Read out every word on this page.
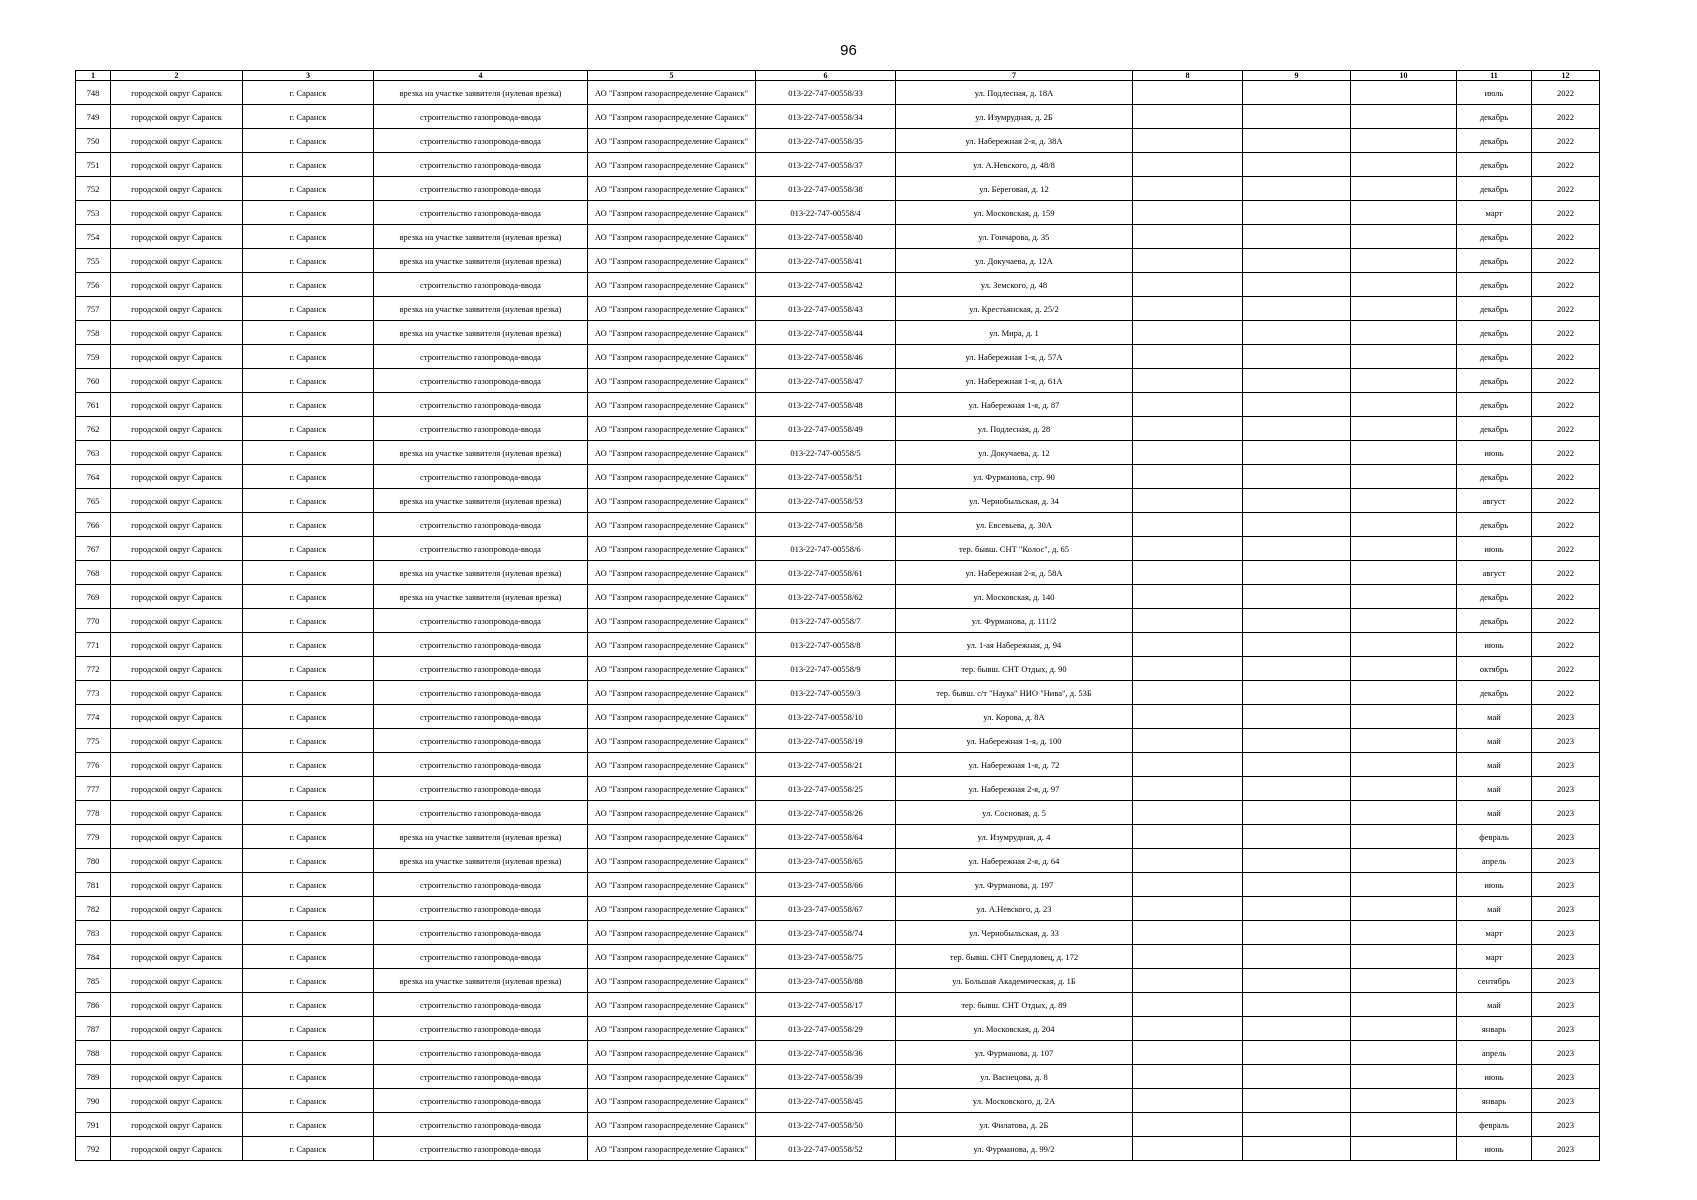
96
1	2	3	4	5	6	7	8	9	10	11	12
748	городской округ Саранск	г. Саранск	врезка на участке заявителя (нулевая врезка)	АО "Газпром газораспределение Саранск"	013-22-747-00558/33	ул. Подлесная, д. 18А				июль	2022
749	городской округ Саранск	г. Саранск	строительство газопровода-ввода	АО "Газпром газораспределение Саранск"	013-22-747-00558/34	ул. Изумрудная, д. 2Б				декабрь	2022
750	городской округ Саранск	г. Саранск	строительство газопровода-ввода	АО "Газпром газораспределение Саранск"	013-22-747-00558/35	ул. Набережная 2-я, д. 38А				декабрь	2022
751	городской округ Саранск	г. Саранск	строительство газопровода-ввода	АО "Газпром газораспределение Саранск"	013-22-747-00558/37	ул. А.Невского, д. 48/8				декабрь	2022
752	городской округ Саранск	г. Саранск	строительство газопровода-ввода	АО "Газпром газораспределение Саранск"	013-22-747-00558/38	ул. Береговая, д. 12				декабрь	2022
753	городской округ Саранск	г. Саранск	строительство газопровода-ввода	АО "Газпром газораспределение Саранск"	013-22-747-00558/4	ул. Московская, д. 159				март	2022
754	городской округ Саранск	г. Саранск	врезка на участке заявителя (нулевая врезка)	АО "Газпром газораспределение Саранск"	013-22-747-00558/40	ул. Гончарова, д. 35				декабрь	2022
755	городской округ Саранск	г. Саранск	врезка на участке заявителя (нулевая врезка)	АО "Газпром газораспределение Саранск"	013-22-747-00558/41	ул. Докучаева, д. 12А				декабрь	2022
756	городской округ Саранск	г. Саранск	строительство газопровода-ввода	АО "Газпром газораспределение Саранск"	013-22-747-00558/42	ул. Земского, д. 48				декабрь	2022
757	городской округ Саранск	г. Саранск	врезка на участке заявителя (нулевая врезка)	АО "Газпром газораспределение Саранск"	013-22-747-00558/43	ул. Крестьянская, д. 25/2				декабрь	2022
758	городской округ Саранск	г. Саранск	врезка на участке заявителя (нулевая врезка)	АО "Газпром газораспределение Саранск"	013-22-747-00558/44	ул. Мира, д. 1				декабрь	2022
759	городской округ Саранск	г. Саранск	строительство газопровода-ввода	АО "Газпром газораспределение Саранск"	013-22-747-00558/46	ул. Набережная 1-я, д. 57А				декабрь	2022
760	городской округ Саранск	г. Саранск	строительство газопровода-ввода	АО "Газпром газораспределение Саранск"	013-22-747-00558/47	ул. Набережная 1-я, д. 61А				декабрь	2022
761	городской округ Саранск	г. Саранск	строительство газопровода-ввода	АО "Газпром газораспределение Саранск"	013-22-747-00558/48	ул. Набережная 1-я, д. 87				декабрь	2022
762	городской округ Саранск	г. Саранск	строительство газопровода-ввода	АО "Газпром газораспределение Саранск"	013-22-747-00558/49	ул. Подлесная, д. 28				декабрь	2022
763	городской округ Саранск	г. Саранск	врезка на участке заявителя (нулевая врезка)	АО "Газпром газораспределение Саранск"	013-22-747-00558/5	ул. Докучаева, д. 12				июнь	2022
764	городской округ Саранск	г. Саранск	строительство газопровода-ввода	АО "Газпром газораспределение Саранск"	013-22-747-00558/51	ул. Фурманова, стр. 90				декабрь	2022
765	городской округ Саранск	г. Саранск	врезка на участке заявителя (нулевая врезка)	АО "Газпром газораспределение Саранск"	013-22-747-00558/53	ул. Чернобыльская, д. 34				август	2022
766	городской округ Саранск	г. Саранск	строительство газопровода-ввода	АО "Газпром газораспределение Саранск"	013-22-747-00558/58	ул. Евсевьева, д. 30А				декабрь	2022
767	городской округ Саранск	г. Саранск	строительство газопровода-ввода	АО "Газпром газораспределение Саранск"	013-22-747-00558/6	тер. бывш. СНТ "Колос", д. 65				июнь	2022
768	городской округ Саранск	г. Саранск	врезка на участке заявителя (нулевая врезка)	АО "Газпром газораспределение Саранск"	013-22-747-00558/61	ул. Набережная 2-я, д. 58А				август	2022
769	городской округ Саранск	г. Саранск	врезка на участке заявителя (нулевая врезка)	АО "Газпром газораспределение Саранск"	013-22-747-00558/62	ул. Московская, д. 140				декабрь	2022
770	городской округ Саранск	г. Саранск	строительство газопровода-ввода	АО "Газпром газораспределение Саранск"	013-22-747-00558/7	ул. Фурманова, д. 111/2				декабрь	2022
771	городской округ Саранск	г. Саранск	строительство газопровода-ввода	АО "Газпром газораспределение Саранск"	013-22-747-00558/8	ул. 1-ая Набережная, д. 94				июнь	2022
772	городской округ Саранск	г. Саранск	строительство газопровода-ввода	АО "Газпром газораспределение Саранск"	013-22-747-00558/9	тер. бывш. СНТ Отдых, д. 90				октябрь	2022
773	городской округ Саранск	г. Саранск	строительство газопровода-ввода	АО "Газпром газораспределение Саранск"	013-22-747-00559/3	тер. бывш. с/т "Наука" НИО "Нива", д. 53Б				декабрь	2022
774	городской округ Саранск	г. Саранск	строительство газопровода-ввода	АО "Газпром газораспределение Саранск"	013-22-747-00558/10	ул. Корова, д. 8А				май	2023
775	городской округ Саранск	г. Саранск	строительство газопровода-ввода	АО "Газпром газораспределение Саранск"	013-22-747-00558/19	ул. Набережная 1-я, д. 100				май	2023
776	городской округ Саранск	г. Саранск	строительство газопровода-ввода	АО "Газпром газораспределение Саранск"	013-22-747-00558/21	ул. Набережная 1-я, д. 72				май	2023
777	городской округ Саранск	г. Саранск	строительство газопровода-ввода	АО "Газпром газораспределение Саранск"	013-22-747-00558/25	ул. Набережная 2-я, д. 97				май	2023
778	городской округ Саранск	г. Саранск	строительство газопровода-ввода	АО "Газпром газораспределение Саранск"	013-22-747-00558/26	ул. Сосновая, д. 5				май	2023
779	городской округ Саранск	г. Саранск	врезка на участке заявителя (нулевая врезка)	АО "Газпром газораспределение Саранск"	013-22-747-00558/64	ул. Изумрудная, д. 4				февраль	2023
780	городской округ Саранск	г. Саранск	врезка на участке заявителя (нулевая врезка)	АО "Газпром газораспределение Саранск"	013-23-747-00558/65	ул. Набережная 2-я, д. 64				апрель	2023
781	городской округ Саранск	г. Саранск	строительство газопровода-ввода	АО "Газпром газораспределение Саранск"	013-23-747-00558/66	ул. Фурманова, д. 197				июнь	2023
782	городской округ Саранск	г. Саранск	строительство газопровода-ввода	АО "Газпром газораспределение Саранск"	013-23-747-00558/67	ул. А.Невского, д. 23				май	2023
783	городской округ Саранск	г. Саранск	строительство газопровода-ввода	АО "Газпром газораспределение Саранск"	013-23-747-00558/74	ул. Чернобыльская, д. 33				март	2023
784	городской округ Саранск	г. Саранск	строительство газопровода-ввода	АО "Газпром газораспределение Саранск"	013-23-747-00558/75	тер. бывш. СНТ Свердловец, д. 172				март	2023
785	городской округ Саранск	г. Саранск	врезка на участке заявителя (нулевая врезка)	АО "Газпром газораспределение Саранск"	013-23-747-00558/88	ул. Большая Академическая, д. 1Б				сентябрь	2023
786	городской округ Саранск	г. Саранск	строительство газопровода-ввода	АО "Газпром газораспределение Саранск"	013-22-747-00558/17	тер. бывш. СНТ Отдых, д. 89				май	2023
787	городской округ Саранск	г. Саранск	строительство газопровода-ввода	АО "Газпром газораспределение Саранск"	013-22-747-00558/29	ул. Московская, д. 204				январь	2023
788	городской округ Саранск	г. Саранск	строительство газопровода-ввода	АО "Газпром газораспределение Саранск"	013-22-747-00558/36	ул. Фурманова, д. 107				апрель	2023
789	городской округ Саранск	г. Саранск	строительство газопровода-ввода	АО "Газпром газораспределение Саранск"	013-22-747-00558/39	ул. Васнецова, д. 8				июнь	2023
790	городской округ Саранск	г. Саранск	строительство газопровода-ввода	АО "Газпром газораспределение Саранск"	013-22-747-00558/45	ул. Московского, д. 2А				январь	2023
791	городской округ Саранск	г. Саранск	строительство газопровода-ввода	АО "Газпром газораспределение Саранск"	013-22-747-00558/50	ул. Филатова, д. 2Б				февраль	2023
792	городской округ Саранск	г. Саранск	строительство газопровода-ввода	АО "Газпром газораспределение Саранск"	013-22-747-00558/52	ул. Фурманова, д. 99/2				июнь	2023
